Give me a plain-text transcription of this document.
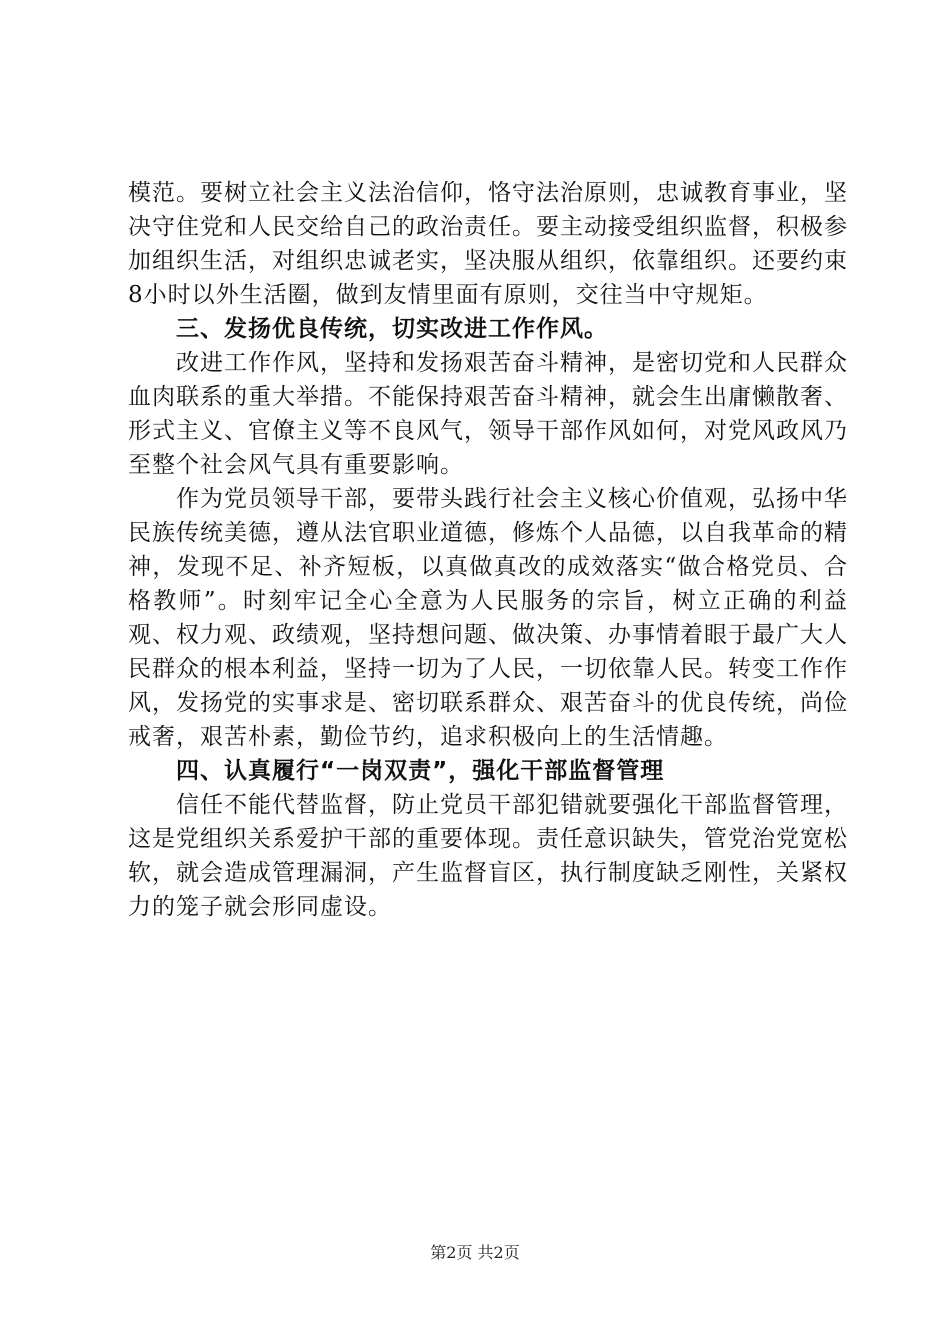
模范。要树立社会主义法治信仰，恪守法治原则，忠诚教育事业，坚决守住党和人民交给自己的政治责任。要主动接受组织监督，积极参加组织生活，对组织忠诚老实，坚决服从组织，依靠组织。还要约束8小时以外生活圈，做到友情里面有原则，交往当中守规矩。

三、发扬优良传统，切实改进工作作风。

改进工作作风，坚持和发扬艰苦奋斗精神，是密切党和人民群众血肉联系的重大举措。不能保持艰苦奋斗精神，就会生出庸懒散奢、形式主义、官僚主义等不良风气，领导干部作风如何，对党风政风乃至整个社会风气具有重要影响。

作为党员领导干部，要带头践行社会主义核心价值观，弘扬中华民族传统美德，遵从法官职业道德，修炼个人品德，以自我革命的精神，发现不足、补齐短板，以真做真改的成效落实“做合格党员、合格教师”。时刻牢记全心全意为人民服务的宗旨，树立正确的利益观、权力观、政绩观，坚持想问题、做决策、办事情着眼于最广大人民群众的根本利益，坚持一切为了人民，一切依靠人民。转变工作作风，发扬党的实事求是、密切联系群众、艰苦奋斗的优良传统，尚俭戒奢，艰苦朴素，勤俭节约，追求积极向上的生活情趣。

四、认真履行“一岗双责”，强化干部监督管理

信任不能代替监督，防止党员干部犯错就要强化干部监督管理，这是党组织关系爱护干部的重要体现。责任意识缺失，管党治党宽松软，就会造成管理漏洞，产生监督盲区，执行制度缺乏刚性，关紧权力的笼子就会形同虚设。

第2页 共2页
